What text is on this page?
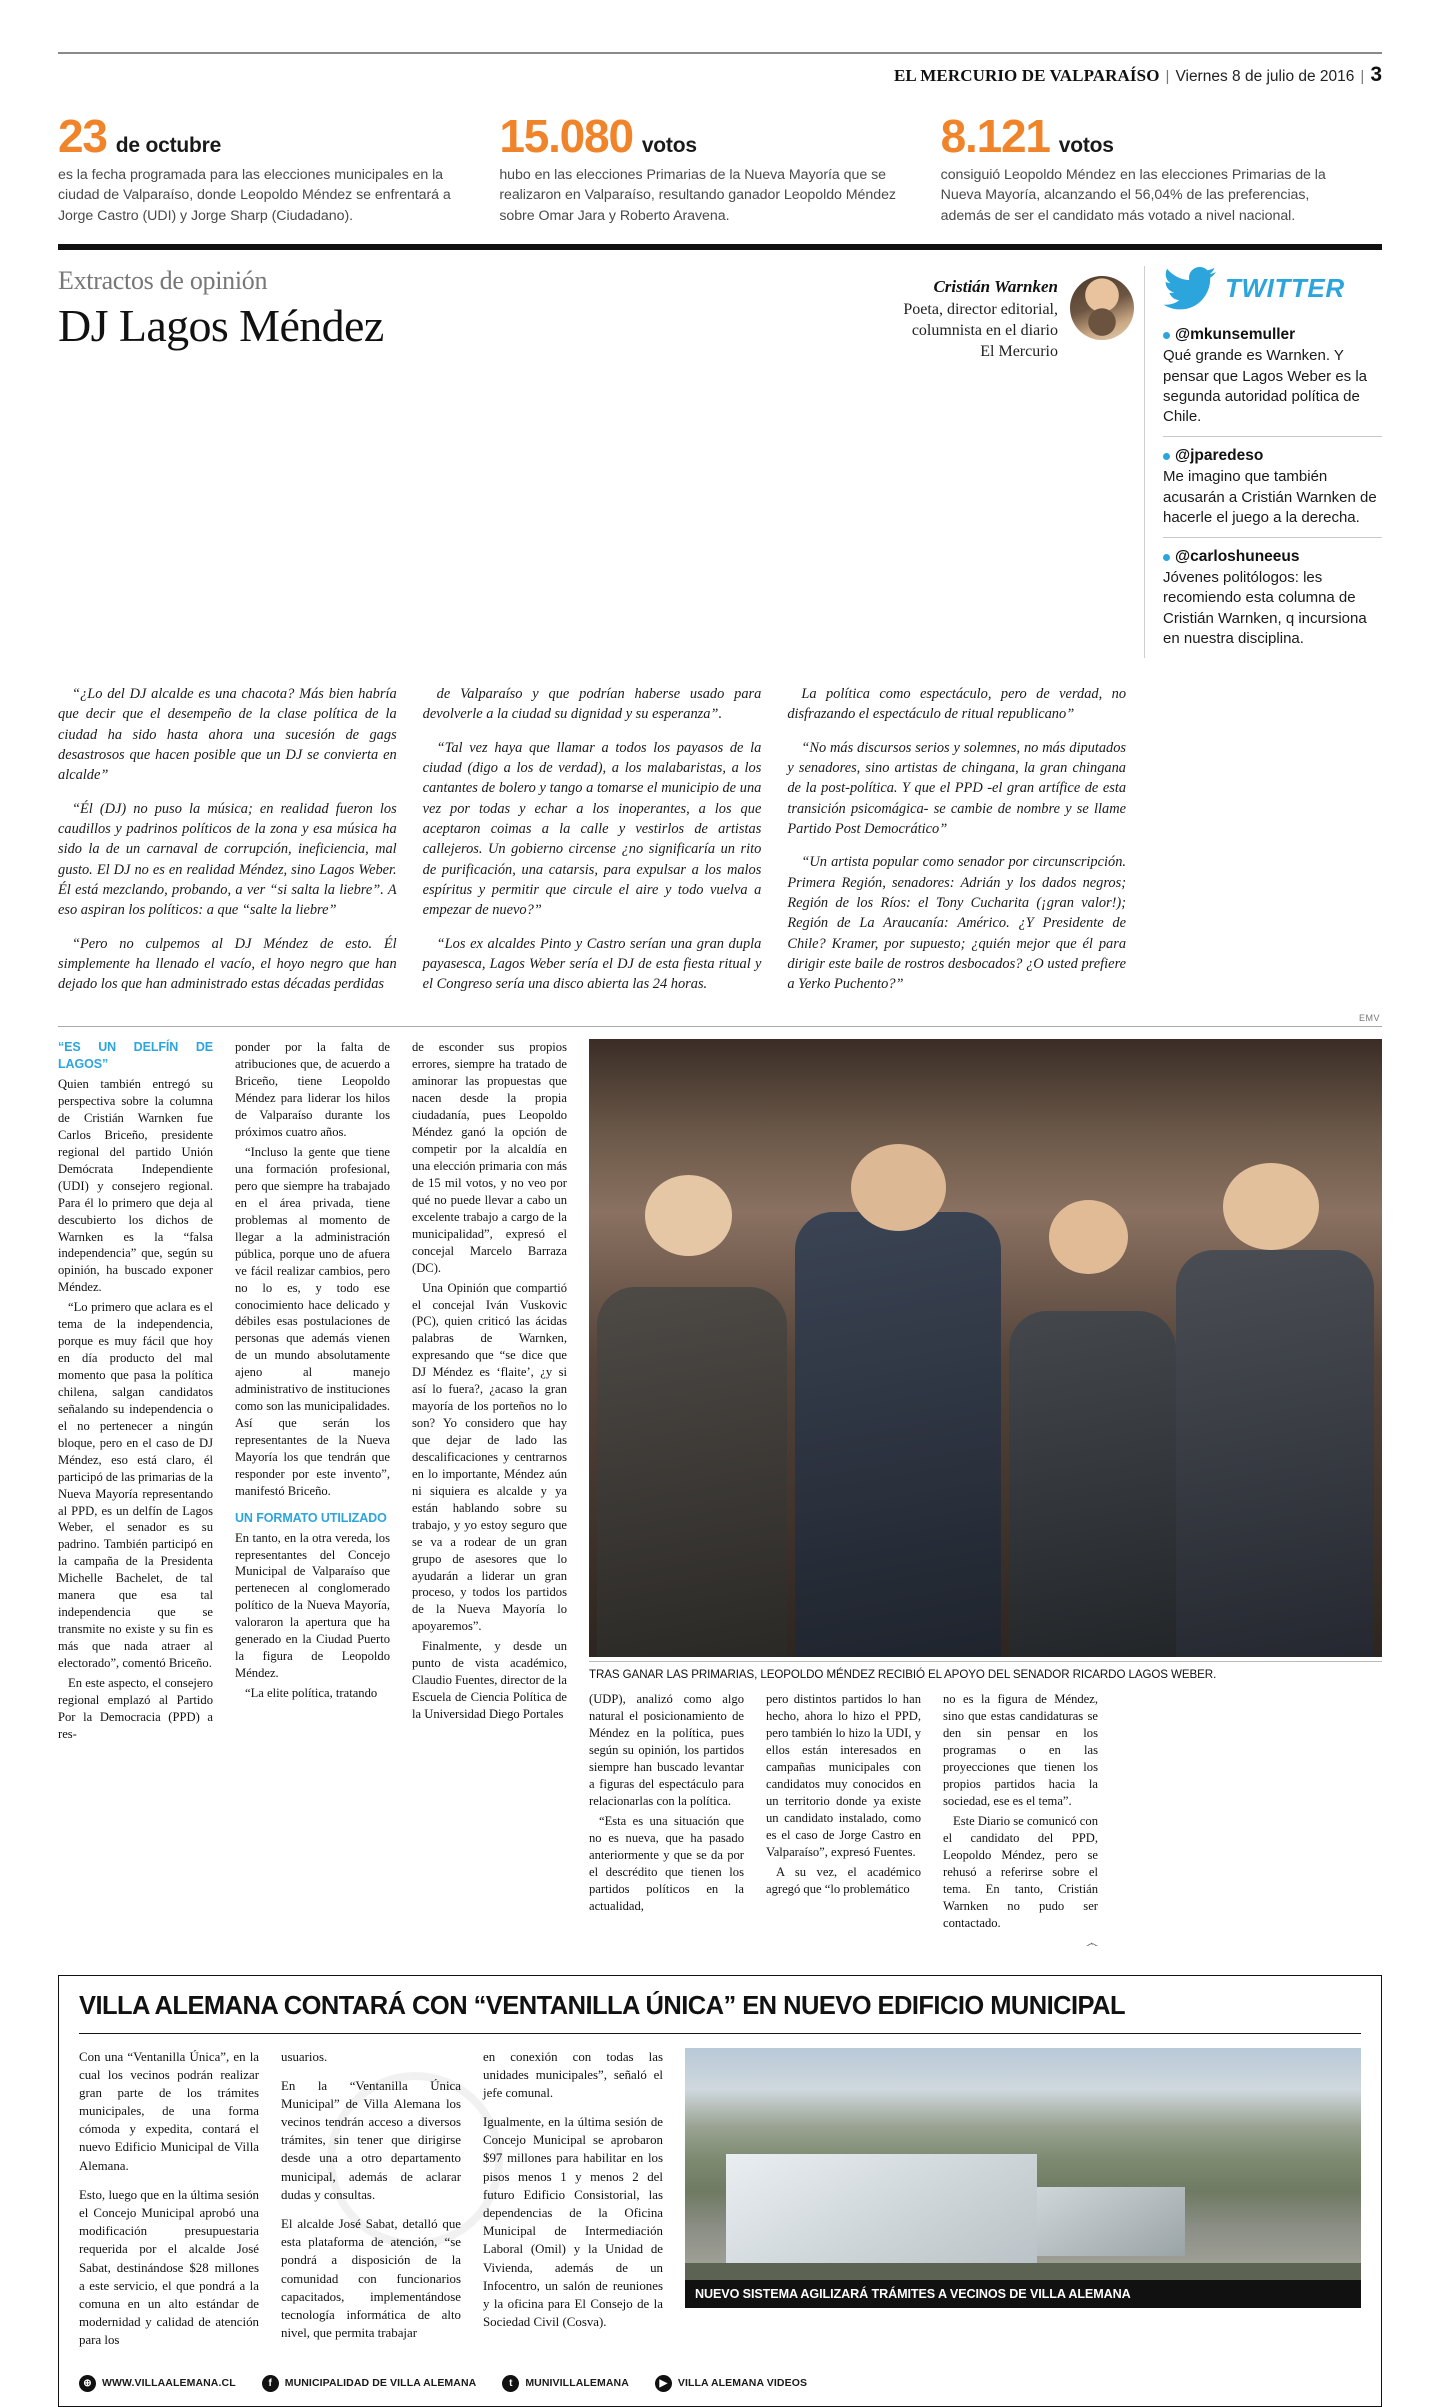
EL MERCURIO DE VALPARAÍSO | Viernes 8 de julio de 2016 | 3
23 de octubre
es la fecha programada para las elecciones municipales en la ciudad de Valparaíso, donde Leopoldo Méndez se enfrentará a Jorge Castro (UDI) y Jorge Sharp (Ciudadano).
15.080 votos
hubo en las elecciones Primarias de la Nueva Mayoría que se realizaron en Valparaíso, resultando ganador Leopoldo Méndez sobre Omar Jara y Roberto Aravena.
8.121 votos
consiguió Leopoldo Méndez en las elecciones Primarias de la Nueva Mayoría, alcanzando el 56,04% de las preferencias, además de ser el candidato más votado a nivel nacional.
Extractos de opinión
DJ Lagos Méndez
Cristián Warnken
Poeta, director editorial,
columnista en el diario
El Mercurio
TWITTER
@mkunsemuller
Qué grande es Warnken. Y pensar que Lagos Weber es la segunda autoridad política de Chile.
@jparedeso
Me imagino que también acusarán a Cristián Warnken de hacerle el juego a la derecha.
@carloshuneeus
Jóvenes politólogos: les recomiendo esta columna de Cristián Warnken, q incursiona en nuestra disciplina.

“¿Lo del DJ alcalde es una chacota? Más bien habría que decir que el desempeño de la clase política de la ciudad ha sido hasta ahora una sucesión de gags desastrosos que hacen posible que un DJ se convierta en alcalde”

“Él (DJ) no puso la música; en realidad fueron los caudillos y padrinos políticos de la zona y esa música ha sido la de un carnaval de corrupción, ineficiencia, mal gusto. El DJ no es en realidad Méndez, sino Lagos Weber. Él está mezclando, probando, a ver “si salta la liebre”. A eso aspiran los políticos: a que “salte la liebre”

“Pero no culpemos al DJ Méndez de esto. Él simplemente ha llenado el vacío, el hoyo negro que han dejado los que han administrado estas décadas perdidas

de Valparaíso y que podrían haberse usado para devolverle a la ciudad su dignidad y su esperanza”.

“Tal vez haya que llamar a todos los payasos de la ciudad (digo a los de verdad), a los malabaristas, a los cantantes de bolero y tango a tomarse el municipio de una vez por todas y echar a los inoperantes, a los que aceptaron coimas a la calle y vestirlos de artistas callejeros. Un gobierno circense ¿no significaría un rito de purificación, una catarsis, para expulsar a los malos espíritus y permitir que circule el aire y todo vuelva a empezar de nuevo?”

“Los ex alcaldes Pinto y Castro serían una gran dupla payasesca, Lagos Weber sería el DJ de esta fiesta ritual y el Congreso sería una disco abierta las 24 horas.

La política como espectáculo, pero de verdad, no disfrazando el espectáculo de ritual republicano”

“No más discursos serios y solemnes, no más diputados y senadores, sino artistas de chingana, la gran chingana de la post-política. Y que el PPD -el gran artífice de esta transición psicomágica- se cambie de nombre y se llame Partido Post Democrático”

“Un artista popular como senador por circunscripción. Primera Región, senadores: Adrián y los dados negros; Región de los Ríos: el Tony Cucharita (¡gran valor!); Región de La Araucanía: Américo. ¿Y Presidente de Chile? Kramer, por supuesto; ¿quién mejor que él para dirigir este baile de rostros desbocados? ¿O usted prefiere a Yerko Puchento?”

EMV
“ES UN DELFÍN DE LAGOS”

Quien también entregó su perspectiva sobre la columna de Cristián Warnken fue Carlos Briceño, presidente regional del partido Unión Demócrata Independiente (UDI) y consejero regional. Para él lo primero que deja al descubierto los dichos de Warnken es la “falsa independencia” que, según su opinión, ha buscado exponer Méndez.

“Lo primero que aclara es el tema de la independencia, porque es muy fácil que hoy en día producto del mal momento que pasa la política chilena, salgan candidatos señalando su independencia o el no pertenecer a ningún bloque, pero en el caso de DJ Méndez, eso está claro, él participó de las primarias de la Nueva Mayoría representando al PPD, es un delfín de Lagos Weber, el senador es su padrino. También participó en la campaña de la Presidenta Michelle Bachelet, de tal manera que esa tal independencia que se transmite no existe y su fin es más que nada atraer al electorado”, comentó Briceño.

En este aspecto, el consejero regional emplazó al Partido Por la Democracia (PPD) a res-

ponder por la falta de atribuciones que, de acuerdo a Briceño, tiene Leopoldo Méndez para liderar los hilos de Valparaíso durante los próximos cuatro años.

“Incluso la gente que tiene una formación profesional, pero que siempre ha trabajado en el área privada, tiene problemas al momento de llegar a la administración pública, porque uno de afuera ve fácil realizar cambios, pero no lo es, y todo ese conocimiento hace delicado y débiles esas postulaciones de personas que además vienen de un mundo absolutamente ajeno al manejo administrativo de instituciones como son las municipalidades. Así que serán los representantes de la Nueva Mayoría los que tendrán que responder por este invento”, manifestó Briceño.

UN FORMATO UTILIZADO

En tanto, en la otra vereda, los representantes del Concejo Municipal de Valparaíso que pertenecen al conglomerado político de la Nueva Mayoría, valoraron la apertura que ha generado en la Ciudad Puerto la figura de Leopoldo Méndez.

“La elite política, tratando

de esconder sus propios errores, siempre ha tratado de aminorar las propuestas que nacen desde la propia ciudadanía, pues Leopoldo Méndez ganó la opción de competir por la alcaldía en una elección primaria con más de 15 mil votos, y no veo por qué no puede llevar a cabo un excelente trabajo a cargo de la municipalidad”, expresó el concejal Marcelo Barraza (DC).

Una Opinión que compartió el concejal Iván Vuskovic (PC), quien criticó las ácidas palabras de Warnken, expresando que “se dice que DJ Méndez es ‘flaite’, ¿y si así lo fuera?, ¿acaso la gran mayoría de los porteños no lo son? Yo considero que hay que dejar de lado las descalificaciones y centrarnos en lo importante, Méndez aún ni siquiera es alcalde y ya están hablando sobre su trabajo, y yo estoy seguro que se va a rodear de un gran grupo de asesores que lo ayudarán a liderar un gran proceso, y todos los partidos de la Nueva Mayoría lo apoyaremos”.

Finalmente, y desde un punto de vista académico, Claudio Fuentes, director de la Escuela de Ciencia Política de la Universidad Diego Portales

TRAS GANAR LAS PRIMARIAS, LEOPOLDO MÉNDEZ RECIBIÓ EL APOYO DEL SENADOR RICARDO LAGOS WEBER.

(UDP), analizó como algo natural el posicionamiento de Méndez en la política, pues según su opinión, los partidos siempre han buscado levantar a figuras del espectáculo para relacionarlas con la política.

“Esta es una situación que no es nueva, que ha pasado anteriormente y que se da por el descrédito que tienen los partidos políticos en la actualidad,

pero distintos partidos lo han hecho, ahora lo hizo el PPD, pero también lo hizo la UDI, y ellos están interesados en campañas municipales con candidatos muy conocidos en un territorio donde ya existe un candidato instalado, como es el caso de Jorge Castro en Valparaíso”, expresó Fuentes.

A su vez, el académico agregó que “lo problemático

no es la figura de Méndez, sino que estas candidaturas se den sin pensar en los programas o en las proyecciones que tienen los propios partidos hacia la sociedad, ese es el tema”.

Este Diario se comunicó con el candidato del PPD, Leopoldo Méndez, pero se rehusó a referirse sobre el tema. En tanto, Cristián Warnken no pudo ser contactado.

෴

VILLA ALEMANA CONTARÁ CON “VENTANILLA ÚNICA” EN NUEVO EDIFICIO MUNICIPAL

Con una “Ventanilla Única”, en la cual los vecinos podrán realizar gran parte de los trámites municipales, de una forma cómoda y expedita, contará el nuevo Edificio Municipal de Villa Alemana.

Esto, luego que en la última sesión el Concejo Municipal aprobó una modificación presupuestaria requerida por el alcalde José Sabat, destinándose $28 millones a este servicio, el que pondrá a la comuna en un alto estándar de modernidad y calidad de atención para los

usuarios.

En la “Ventanilla Única Municipal” de Villa Alemana los vecinos tendrán acceso a diversos trámites, sin tener que dirigirse desde una a otro departamento municipal, además de aclarar dudas y consultas.

El alcalde José Sabat, detalló que esta plataforma de atención, “se pondrá a disposición de la comunidad con funcionarios capacitados, implementándose tecnología informática de alto nivel, que permita trabajar

en conexión con todas las unidades municipales”, señaló el jefe comunal.

Igualmente, en la última sesión de Concejo Municipal se aprobaron $97 millones para habilitar en los pisos menos 1 y menos 2 del futuro Edificio Consistorial, las dependencias de la Oficina Municipal de Intermediación Laboral (Omil) y la Unidad de Vivienda, además de un Infocentro, un salón de reuniones y la oficina para El Consejo de la Sociedad Civil (Cosva).

NUEVO SISTEMA AGILIZARÁ TRÁMITES A VECINOS DE VILLA ALEMANA
⊕ WWW.VILLAALEMANA.CL	f	MUNICIPALIDAD DE VILLA ALEMANA	t	MUNIVILLALEMANA	▶	VILLA ALEMANA VIDEOS
